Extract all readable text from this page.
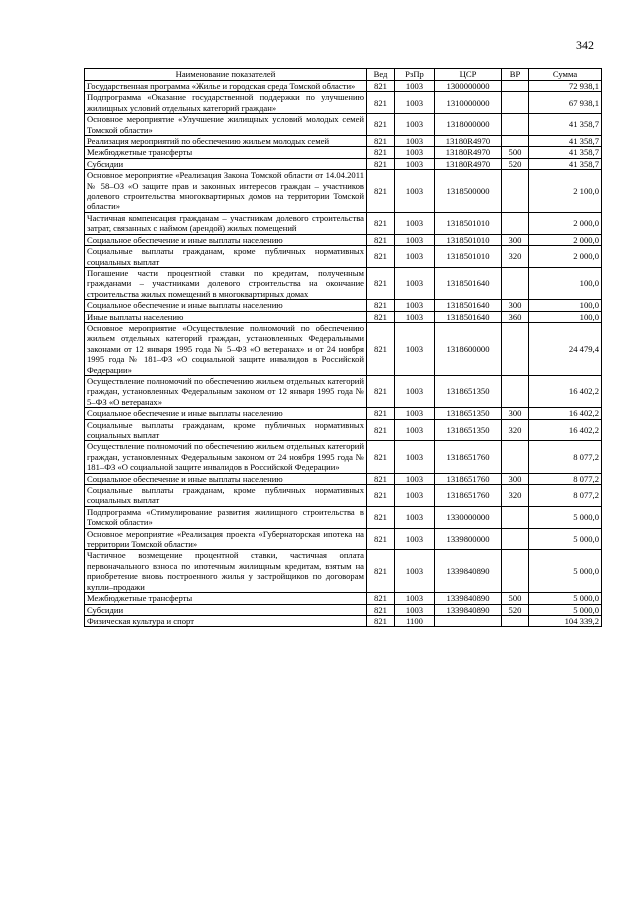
342
Наименование показателей	Вед	РзПр	ЦСР	ВР	Сумма
Государственная программа «Жилье и городская среда Томской области»	821	1003	1300000000		72 938,1
Подпрограмма «Оказание государственной поддержки по улучшению жилищных условий отдельных категорий граждан»	821	1003	1310000000		67 938,1
Основное мероприятие «Улучшение жилищных условий молодых семей Томской области»	821	1003	1318000000		41 358,7
Реализация мероприятий по обеспечению жильем молодых семей	821	1003	13180R4970		41 358,7
Межбюджетные трансферты	821	1003	13180R4970	500	41 358,7
Субсидии	821	1003	13180R4970	520	41 358,7
Основное мероприятие «Реализация Закона Томской области от 14.04.2011 № 58–ОЗ «О защите прав и законных интересов граждан – участников долевого строительства многоквартирных домов на территории Томской области»	821	1003	1318500000		2 100,0
Частичная компенсация гражданам – участникам долевого строительства затрат, связанных с наймом (арендой) жилых помещений	821	1003	1318501010		2 000,0
Социальное обеспечение и иные выплаты населению	821	1003	1318501010	300	2 000,0
Социальные выплаты гражданам, кроме публичных нормативных социальных выплат	821	1003	1318501010	320	2 000,0
Погашение части процентной ставки по кредитам, полученным гражданами – участниками долевого строительства на окончание строительства жилых помещений в многоквартирных домах	821	1003	1318501640		100,0
Социальное обеспечение и иные выплаты населению	821	1003	1318501640	300	100,0
Иные выплаты населению	821	1003	1318501640	360	100,0
Основное мероприятие «Осуществление полномочий по обеспечению жильем отдельных категорий граждан, установленных Федеральными законами от 12 января 1995 года № 5–ФЗ «О ветеранах» и от 24 ноября 1995 года № 181–ФЗ «О социальной защите инвалидов в Российской Федерации»	821	1003	1318600000		24 479,4
Осуществление полномочий по обеспечению жильем отдельных категорий граждан, установленных Федеральным законом от 12 января 1995 года № 5–ФЗ «О ветеранах»	821	1003	1318651350		16 402,2
Социальное обеспечение и иные выплаты населению	821	1003	1318651350	300	16 402,2
Социальные выплаты гражданам, кроме публичных нормативных социальных выплат	821	1003	1318651350	320	16 402,2
Осуществление полномочий по обеспечению жильем отдельных категорий граждан, установленных Федеральным законом от 24 ноября 1995 года № 181–ФЗ «О социальной защите инвалидов в Российской Федерации»	821	1003	1318651760		8 077,2
Социальное обеспечение и иные выплаты населению	821	1003	1318651760	300	8 077,2
Социальные выплаты гражданам, кроме публичных нормативных социальных выплат	821	1003	1318651760	320	8 077,2
Подпрограмма «Стимулирование развития жилищного строительства в Томской области»	821	1003	1330000000		5 000,0
Основное мероприятие «Реализация проекта «Губернаторская ипотека на территории Томской области»	821	1003	1339800000		5 000,0
Частичное возмещение процентной ставки, частичная оплата первоначального взноса по ипотечным жилищным кредитам, взятым на приобретение вновь построенного жилья у застройщиков по договорам купли–продажи	821	1003	1339840890		5 000,0
Межбюджетные трансферты	821	1003	1339840890	500	5 000,0
Субсидии	821	1003	1339840890	520	5 000,0
Физическая культура и спорт	821	1100			104 339,2
